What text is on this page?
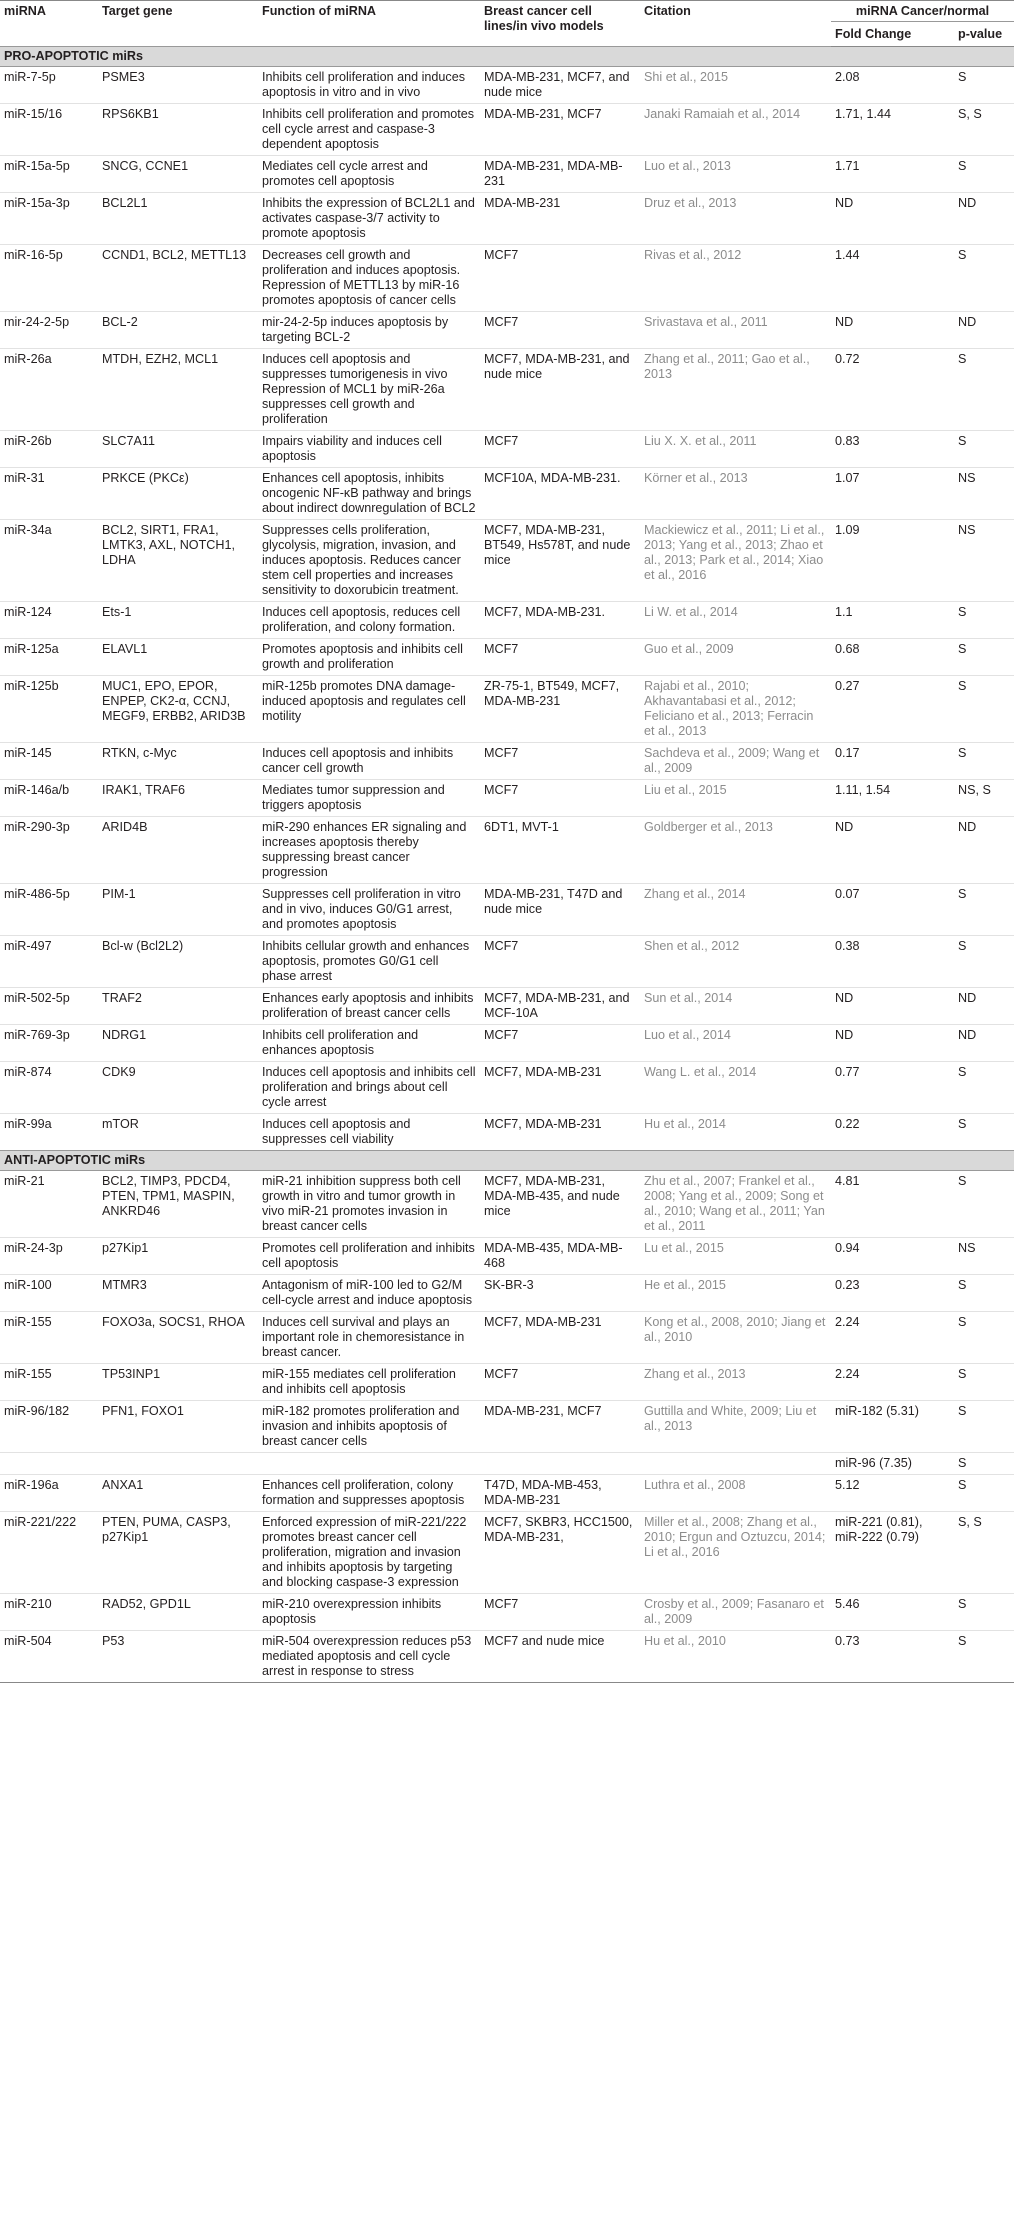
miRNA	Target gene	Function of miRNA	Breast cancer cell lines/in vivo models	Citation	miRNA Cancer/normal	
					Fold Change	p-value
PRO-APOPTOTIC miRs						
miR-7-5p	PSME3	Inhibits cell proliferation and induces apoptosis in vitro and in vivo	MDA-MB-231, MCF7, and nude mice	Shi et al., 2015	2.08	S
miR-15/16	RPS6KB1	Inhibits cell proliferation and promotes cell cycle arrest and caspase-3 dependent apoptosis	MDA-MB-231, MCF7	Janaki Ramaiah et al., 2014	1.71, 1.44	S, S
miR-15a-5p	SNCG, CCNE1	Mediates cell cycle arrest and promotes cell apoptosis	MDA-MB-231, MDA-MB-231	Luo et al., 2013	1.71	S
miR-15a-3p	BCL2L1	Inhibits the expression of BCL2L1 and activates caspase-3/7 activity to promote apoptosis	MDA-MB-231	Druz et al., 2013	ND	ND
miR-16-5p	CCND1, BCL2, METTL13	Decreases cell growth and proliferation and induces apoptosis. Repression of METTL13 by miR-16 promotes apoptosis of cancer cells	MCF7	Rivas et al., 2012	1.44	S
mir-24-2-5p	BCL-2	mir-24-2-5p induces apoptosis by targeting BCL-2	MCF7	Srivastava et al., 2011	ND	ND
miR-26a	MTDH, EZH2, MCL1	Induces cell apoptosis and suppresses tumorigenesis in vivo Repression of MCL1 by miR-26a suppresses cell growth and proliferation	MCF7, MDA-MB-231, and nude mice	Zhang et al., 2011; Gao et al., 2013	0.72	S
miR-26b	SLC7A11	Impairs viability and induces cell apoptosis	MCF7	Liu X. X. et al., 2011	0.83	S
miR-31	PRKCE (PKCε)	Enhances cell apoptosis, inhibits oncogenic NF-κB pathway and brings about indirect downregulation of BCL2	MCF10A, MDA-MB-231.	Körner et al., 2013	1.07	NS
miR-34a	BCL2, SIRT1, FRA1, LMTK3, AXL, NOTCH1, LDHA	Suppresses cells proliferation, glycolysis, migration, invasion, and induces apoptosis. Reduces cancer stem cell properties and increases sensitivity to doxorubicin treatment.	MCF7, MDA-MB-231, BT549, Hs578T, and nude mice	Mackiewicz et al., 2011; Li et al., 2013; Yang et al., 2013; Zhao et al., 2013; Park et al., 2014; Xiao et al., 2016	1.09	NS
miR-124	Ets-1	Induces cell apoptosis, reduces cell proliferation, and colony formation.	MCF7, MDA-MB-231.	Li W. et al., 2014	1.1	S
miR-125a	ELAVL1	Promotes apoptosis and inhibits cell growth and proliferation	MCF7	Guo et al., 2009	0.68	S
miR-125b	MUC1, EPO, EPOR, ENPEP, CK2-α, CCNJ, MEGF9, ERBB2, ARID3B	miR-125b promotes DNA damage-induced apoptosis and regulates cell motility	ZR-75-1, BT549, MCF7, MDA-MB-231	Rajabi et al., 2010; Akhavantabasi et al., 2012; Feliciano et al., 2013; Ferracin et al., 2013	0.27	S
miR-145	RTKN, c-Myc	Induces cell apoptosis and inhibits cancer cell growth	MCF7	Sachdeva et al., 2009; Wang et al., 2009	0.17	S
miR-146a/b	IRAK1, TRAF6	Mediates tumor suppression and triggers apoptosis	MCF7	Liu et al., 2015	1.11, 1.54	NS, S
miR-290-3p	ARID4B	miR-290 enhances ER signaling and increases apoptosis thereby suppressing breast cancer progression	6DT1, MVT-1	Goldberger et al., 2013	ND	ND
miR-486-5p	PIM-1	Suppresses cell proliferation in vitro and in vivo, induces G0/G1 arrest, and promotes apoptosis	MDA-MB-231, T47D and nude mice	Zhang et al., 2014	0.07	S
miR-497	Bcl-w (Bcl2L2)	Inhibits cellular growth and enhances apoptosis, promotes G0/G1 cell phase arrest	MCF7	Shen et al., 2012	0.38	S
miR-502-5p	TRAF2	Enhances early apoptosis and inhibits proliferation of breast cancer cells	MCF7, MDA-MB-231, and MCF-10A	Sun et al., 2014	ND	ND
miR-769-3p	NDRG1	Inhibits cell proliferation and enhances apoptosis	MCF7	Luo et al., 2014	ND	ND
miR-874	CDK9	Induces cell apoptosis and inhibits cell proliferation and brings about cell cycle arrest	MCF7, MDA-MB-231	Wang L. et al., 2014	0.77	S
miR-99a	mTOR	Induces cell apoptosis and suppresses cell viability	MCF7, MDA-MB-231	Hu et al., 2014	0.22	S
ANTI-APOPTOTIC miRs						
miR-21	BCL2, TIMP3, PDCD4, PTEN, TPM1, MASPIN, ANKRD46	miR-21 inhibition suppress both cell growth in vitro and tumor growth in vivo miR-21 promotes invasion in breast cancer cells	MCF7, MDA-MB-231, MDA-MB-435, and nude mice	Zhu et al., 2007; Frankel et al., 2008; Yang et al., 2009; Song et al., 2010; Wang et al., 2011; Yan et al., 2011	4.81	S
miR-24-3p	p27Kip1	Promotes cell proliferation and inhibits cell apoptosis	MDA-MB-435, MDA-MB-468	Lu et al., 2015	0.94	NS
miR-100	MTMR3	Antagonism of miR-100 led to G2/M cell-cycle arrest and induce apoptosis	SK-BR-3	He et al., 2015	0.23	S
miR-155	FOXO3a, SOCS1, RHOA	Induces cell survival and plays an important role in chemoresistance in breast cancer.	MCF7, MDA-MB-231	Kong et al., 2008, 2010; Jiang et al., 2010	2.24	S
miR-155	TP53INP1	miR-155 mediates cell proliferation and inhibits cell apoptosis	MCF7	Zhang et al., 2013	2.24	S
miR-96/182	PFN1, FOXO1	miR-182 promotes proliferation and invasion and inhibits apoptosis of breast cancer cells	MDA-MB-231, MCF7	Guttilla and White, 2009; Liu et al., 2013	miR-182 (5.31)	S
					miR-96 (7.35)	S
miR-196a	ANXA1	Enhances cell proliferation, colony formation and suppresses apoptosis	T47D, MDA-MB-453, MDA-MB-231	Luthra et al., 2008	5.12	S
miR-221/222	PTEN, PUMA, CASP3, p27Kip1	Enforced expression of miR-221/222 promotes breast cancer cell proliferation, migration and invasion and inhibits apoptosis by targeting and blocking caspase-3 expression	MCF7, SKBR3, HCC1500, MDA-MB-231,	Miller et al., 2008; Zhang et al., 2010; Ergun and Oztuzcu, 2014; Li et al., 2016	miR-221 (0.81), miR-222 (0.79)	S, S
miR-210	RAD52, GPD1L	miR-210 overexpression inhibits apoptosis	MCF7	Crosby et al., 2009; Fasanaro et al., 2009	5.46	S
miR-504	P53	miR-504 overexpression reduces p53 mediated apoptosis and cell cycle arrest in response to stress	MCF7 and nude mice	Hu et al., 2010	0.73	S
